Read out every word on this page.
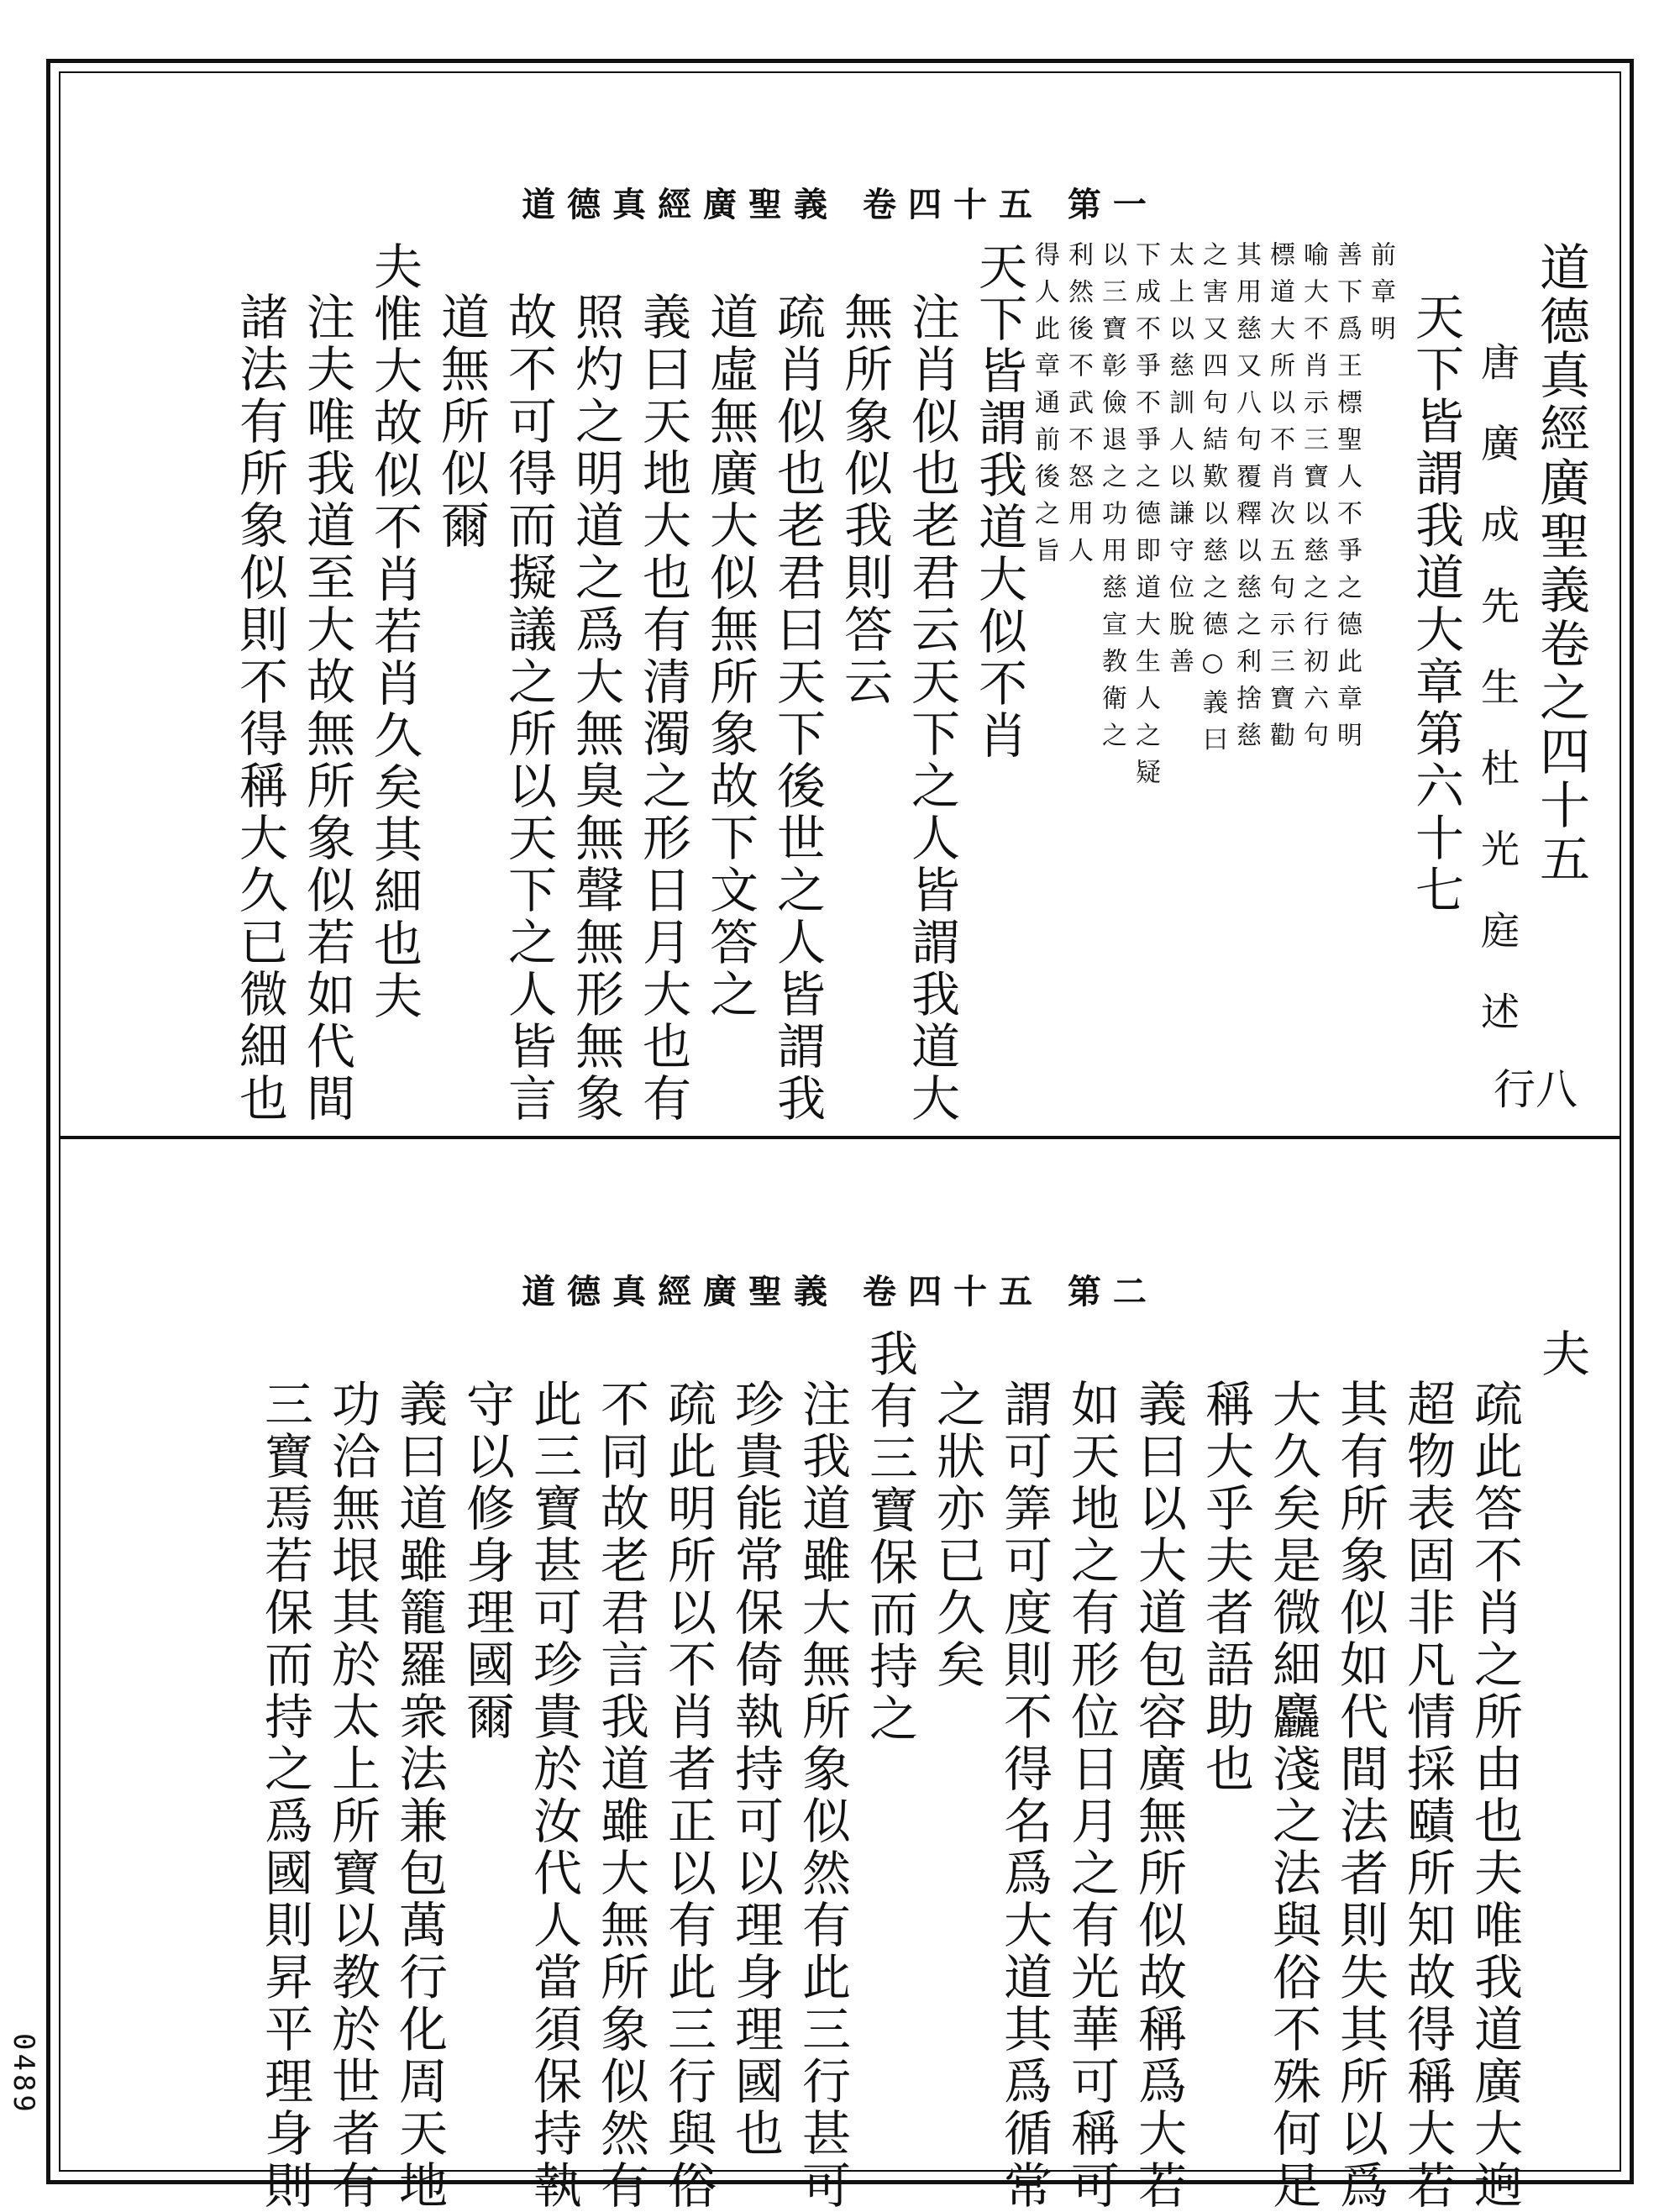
道德真經廣聖義 卷四十五 第一
行八
道德真經廣聖義卷之四十五
唐 廣 成 先 生 杜 光 庭 述
天下皆謂我道大章第六十七
前章明
善下爲王標聖人不爭之德此章明
喻大不肖示三寶以慈之行初六句
標道大所以不肖次五句示三寶勸
其用慈又八句覆釋以慈之利捨慈
之害又四句結歎以慈之德○義曰
太上以慈訓人以謙守位脫善
下成不爭不爭之德即道大生人之疑
以三寶彰儉退之功用慈宣教衛之
利然後不武不怒用人
得人此章通前後之旨
天下皆謂我道大似不肖
注肖似也老君云天下之人皆謂我道大
無所象似我則答云
疏肖似也老君曰天下後世之人皆謂我
道虛無廣大似無所象故下文答之
義曰天地大也有清濁之形日月大也有
照灼之明道之爲大無臭無聲無形無象
故不可得而擬議之所以天下之人皆言
道無所似爾
夫惟大故似不肖若肖久矣其細也夫
注夫唯我道至大故無所象似若如代間
諸法有所象似則不得稱大久已微細也
道德真經廣聖義 卷四十五 第二
夫
疏此答不肖之所由也夫唯我道廣大逈
超物表固非凡情採賾所知故得稱大若
其有所象似如代間法者則失其所以爲
大久矣是微細麤淺之法與俗不殊何足
稱大乎夫者語助也
義曰以大道包容廣無所似故稱爲大若
如天地之有形位日月之有光華可稱可
謂可筭可度則不得名爲大道其爲循常
之狀亦已久矣
我有三寶保而持之
注我道雖大無所象似然有此三行甚可
珍貴能常保倚執持可以理身理國也
疏此明所以不肖者正以有此三行與俗
不同故老君言我道雖大無所象似然有
此三寶甚可珍貴於汝代人當須保持執
守以修身理國爾
義曰道雖籠羅衆法兼包萬行化周天地
功洽無垠其於太上所寶以教於世者有
三寶焉若保而持之爲國則昇平理身則
0489
